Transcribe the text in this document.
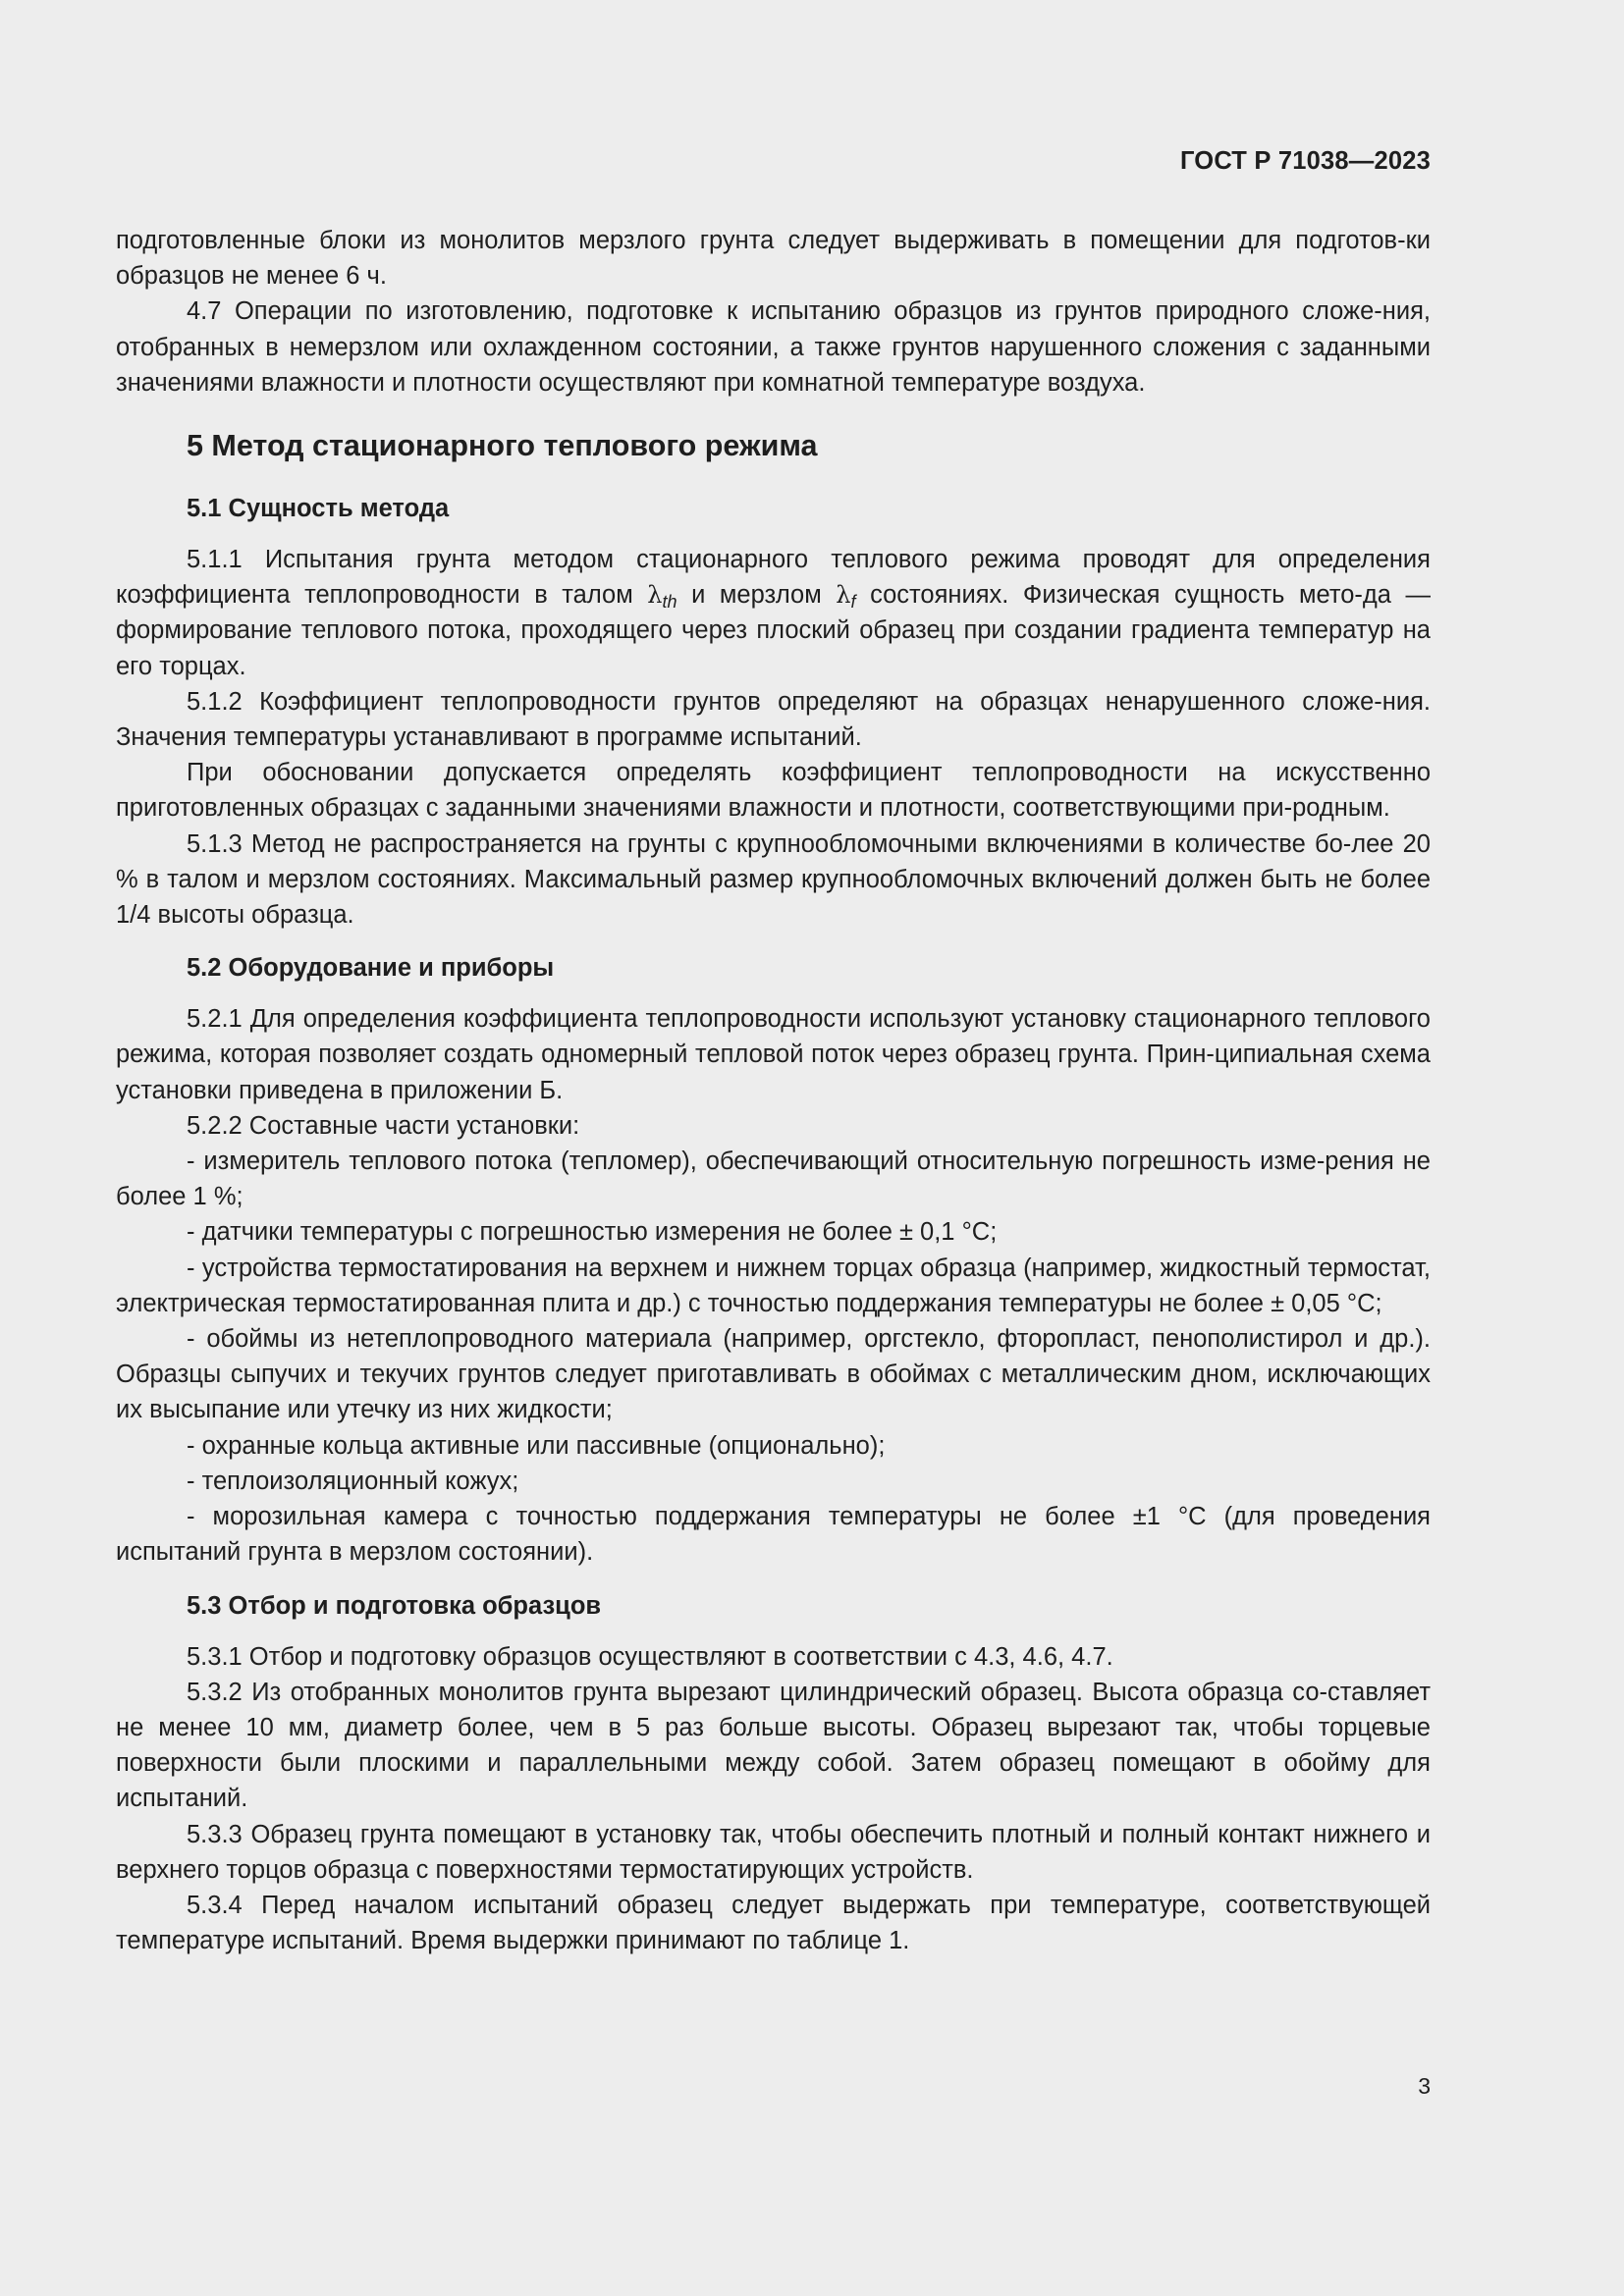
ГОСТ Р 71038—2023

подготовленные блоки из монолитов мерзлого грунта следует выдерживать в помещении для подготов-ки образцов не менее 6 ч.

4.7 Операции по изготовлению, подготовке к испытанию образцов из грунтов природного сложе-ния, отобранных в немерзлом или охлажденном состоянии, а также грунтов нарушенного сложения с заданными значениями влажности и плотности осуществляют при комнатной температуре воздуха.

5 Метод стационарного теплового режима
5.1 Сущность метода

5.1.1 Испытания грунта методом стационарного теплового режима проводят для определения коэффициента теплопроводности в талом $\lambda_{th}$ и мерзлом $\lambda_f$ состояниях. Физическая сущность мето-да — формирование теплового потока, проходящего через плоский образец при создании градиента температур на его торцах.

5.1.2 Коэффициент теплопроводности грунтов определяют на образцах ненарушенного сложе-ния. Значения температуры устанавливают в программе испытаний.

При обосновании допускается определять коэффициент теплопроводности на искусственно приготовленных образцах с заданными значениями влажности и плотности, соответствующими при-родным.

5.1.3 Метод не распространяется на грунты с крупнообломочными включениями в количестве бо-лее 20 % в талом и мерзлом состояниях. Максимальный размер крупнообломочных включений должен быть не более 1/4 высоты образца.

5.2 Оборудование и приборы

5.2.1 Для определения коэффициента теплопроводности используют установку стационарного теплового режима, которая позволяет создать одномерный тепловой поток через образец грунта. Прин-ципиальная схема установки приведена в приложении Б.

5.2.2 Составные части установки:

- измеритель теплового потока (тепломер), обеспечивающий относительную погрешность изме-рения не более 1 %;

- датчики температуры с погрешностью измерения не более ± 0,1 °C;

- устройства термостатирования на верхнем и нижнем торцах образца (например, жидкостный термостат, электрическая термостатированная плита и др.) с точностью поддержания температуры не более ± 0,05 °C;

- обоймы из нетеплопроводного материала (например, оргстекло, фторопласт, пенополистирол и др.). Образцы сыпучих и текучих грунтов следует приготавливать в обоймах с металлическим дном, исключающих их высыпание или утечку из них жидкости;

- охранные кольца активные или пассивные (опционально);

- теплоизоляционный кожух;

- морозильная камера с точностью поддержания температуры не более ±1 °C (для проведения испытаний грунта в мерзлом состоянии).

5.3 Отбор и подготовка образцов

5.3.1 Отбор и подготовку образцов осуществляют в соответствии с 4.3, 4.6, 4.7.

5.3.2 Из отобранных монолитов грунта вырезают цилиндрический образец. Высота образца со-ставляет не менее 10 мм, диаметр более, чем в 5 раз больше высоты. Образец вырезают так, чтобы торцевые поверхности были плоскими и параллельными между собой. Затем образец помещают в обойму для испытаний.

5.3.3 Образец грунта помещают в установку так, чтобы обеспечить плотный и полный контакт нижнего и верхнего торцов образца с поверхностями термостатирующих устройств.

5.3.4 Перед началом испытаний образец следует выдержать при температуре, соответствующей температуре испытаний. Время выдержки принимают по таблице 1.

3
